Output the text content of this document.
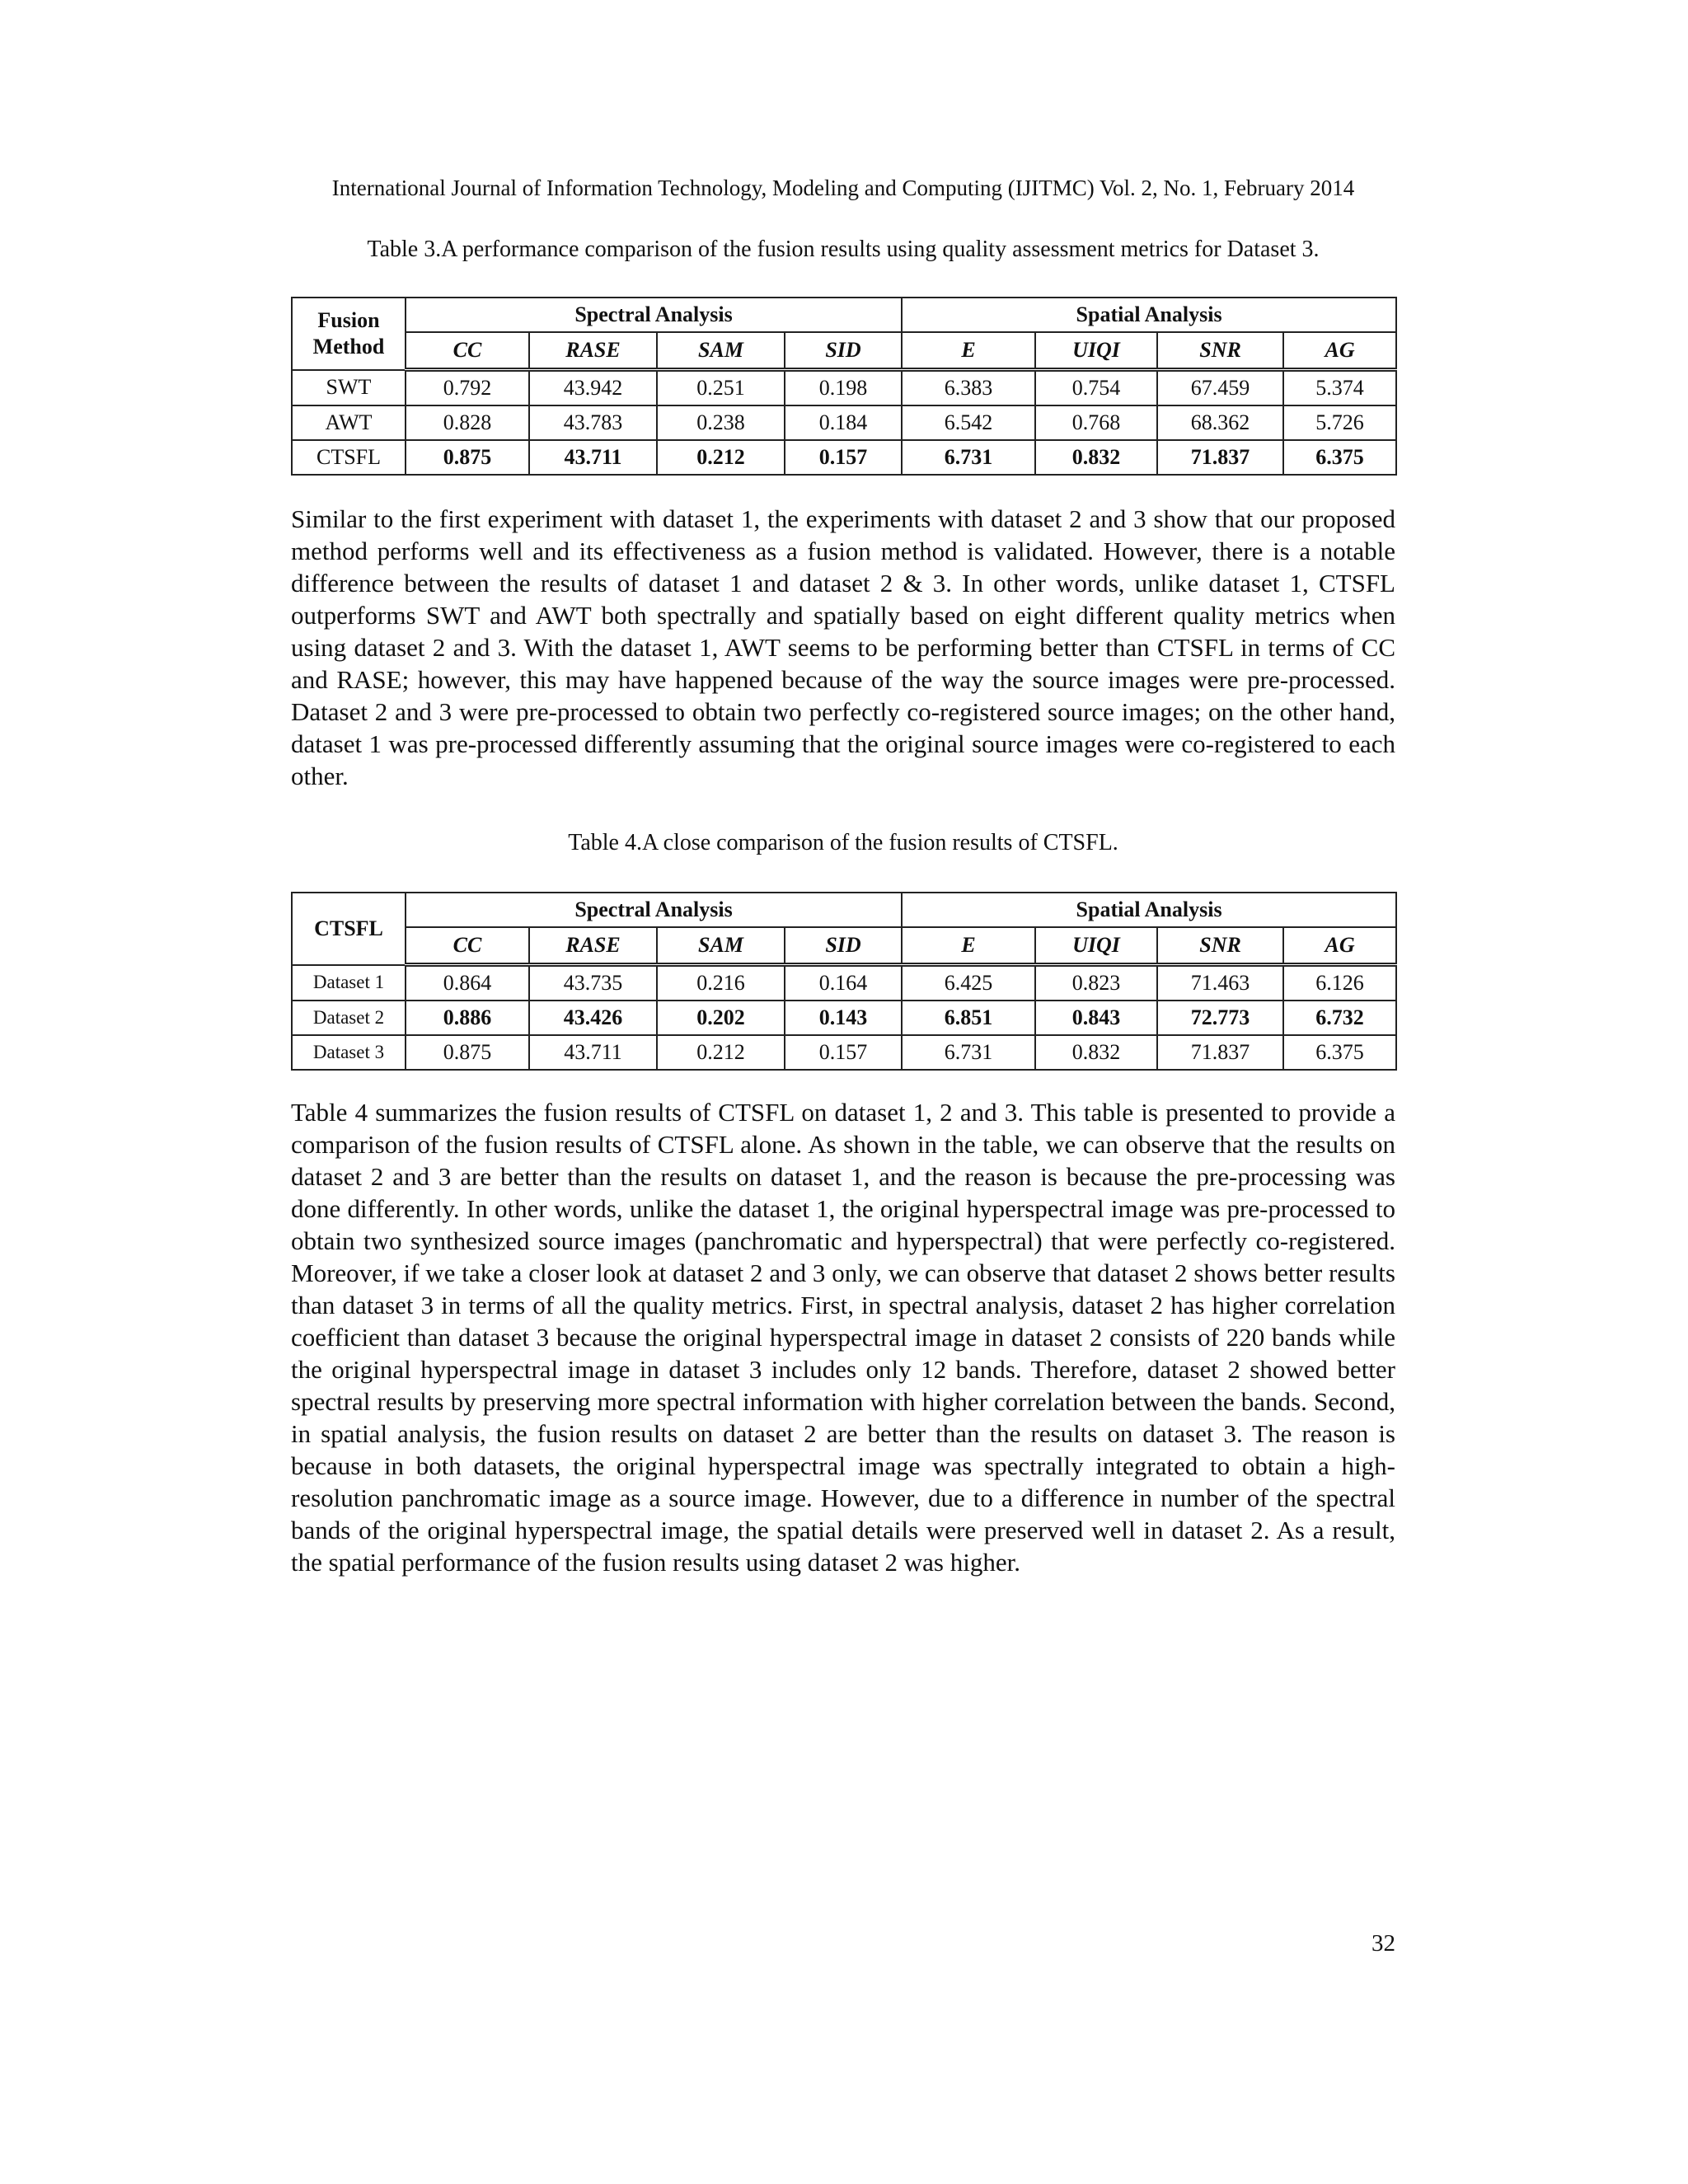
International Journal of Information Technology, Modeling and Computing (IJITMC) Vol. 2, No. 1, February 2014
Table 3.A performance comparison of the fusion results using quality assessment metrics for Dataset 3.
Fusion Method	Spectral Analysis				Spatial Analysis			
	CC	RASE	SAM	SID	E	UIQI	SNR	AG
SWT	0.792	43.942	0.251	0.198	6.383	0.754	67.459	5.374
AWT	0.828	43.783	0.238	0.184	6.542	0.768	68.362	5.726
CTSFL	0.875	43.711	0.212	0.157	6.731	0.832	71.837	6.375
Similar to the first experiment with dataset 1, the experiments with dataset 2 and 3 show that our proposed method performs well and its effectiveness as a fusion method is validated. However, there is a notable difference between the results of dataset 1 and dataset 2 & 3. In other words, unlike dataset 1, CTSFL outperforms SWT and AWT both spectrally and spatially based on eight different quality metrics when using dataset 2 and 3. With the dataset 1, AWT seems to be performing better than CTSFL in terms of CC and RASE; however, this may have happened because of the way the source images were pre-processed. Dataset 2 and 3 were pre-processed to obtain two perfectly co-registered source images; on the other hand, dataset 1 was pre-processed differently assuming that the original source images were co-registered to each other.
Table 4.A close comparison of the fusion results of CTSFL.
CTSFL	Spectral Analysis				Spatial Analysis			
	CC	RASE	SAM	SID	E	UIQI	SNR	AG
Dataset 1	0.864	43.735	0.216	0.164	6.425	0.823	71.463	6.126
Dataset 2	0.886	43.426	0.202	0.143	6.851	0.843	72.773	6.732
Dataset 3	0.875	43.711	0.212	0.157	6.731	0.832	71.837	6.375
Table 4 summarizes the fusion results of CTSFL on dataset 1, 2 and 3. This table is presented to provide a comparison of the fusion results of CTSFL alone. As shown in the table, we can observe that the results on dataset 2 and 3 are better than the results on dataset 1, and the reason is because the pre-processing was done differently. In other words, unlike the dataset 1, the original hyperspectral image was pre-processed to obtain two synthesized source images (panchromatic and hyperspectral) that were perfectly co-registered. Moreover, if we take a closer look at dataset 2 and 3 only, we can observe that dataset 2 shows better results than dataset 3 in terms of all the quality metrics. First, in spectral analysis, dataset 2 has higher correlation coefficient than dataset 3 because the original hyperspectral image in dataset 2 consists of 220 bands while the original hyperspectral image in dataset 3 includes only 12 bands. Therefore, dataset 2 showed better spectral results by preserving more spectral information with higher correlation between the bands. Second, in spatial analysis, the fusion results on dataset 2 are better than the results on dataset 3. The reason is because in both datasets, the original hyperspectral image was spectrally integrated to obtain a high-resolution panchromatic image as a source image. However, due to a difference in number of the spectral bands of the original hyperspectral image, the spatial details were preserved well in dataset 2. As a result, the spatial performance of the fusion results using dataset 2 was higher.
32
